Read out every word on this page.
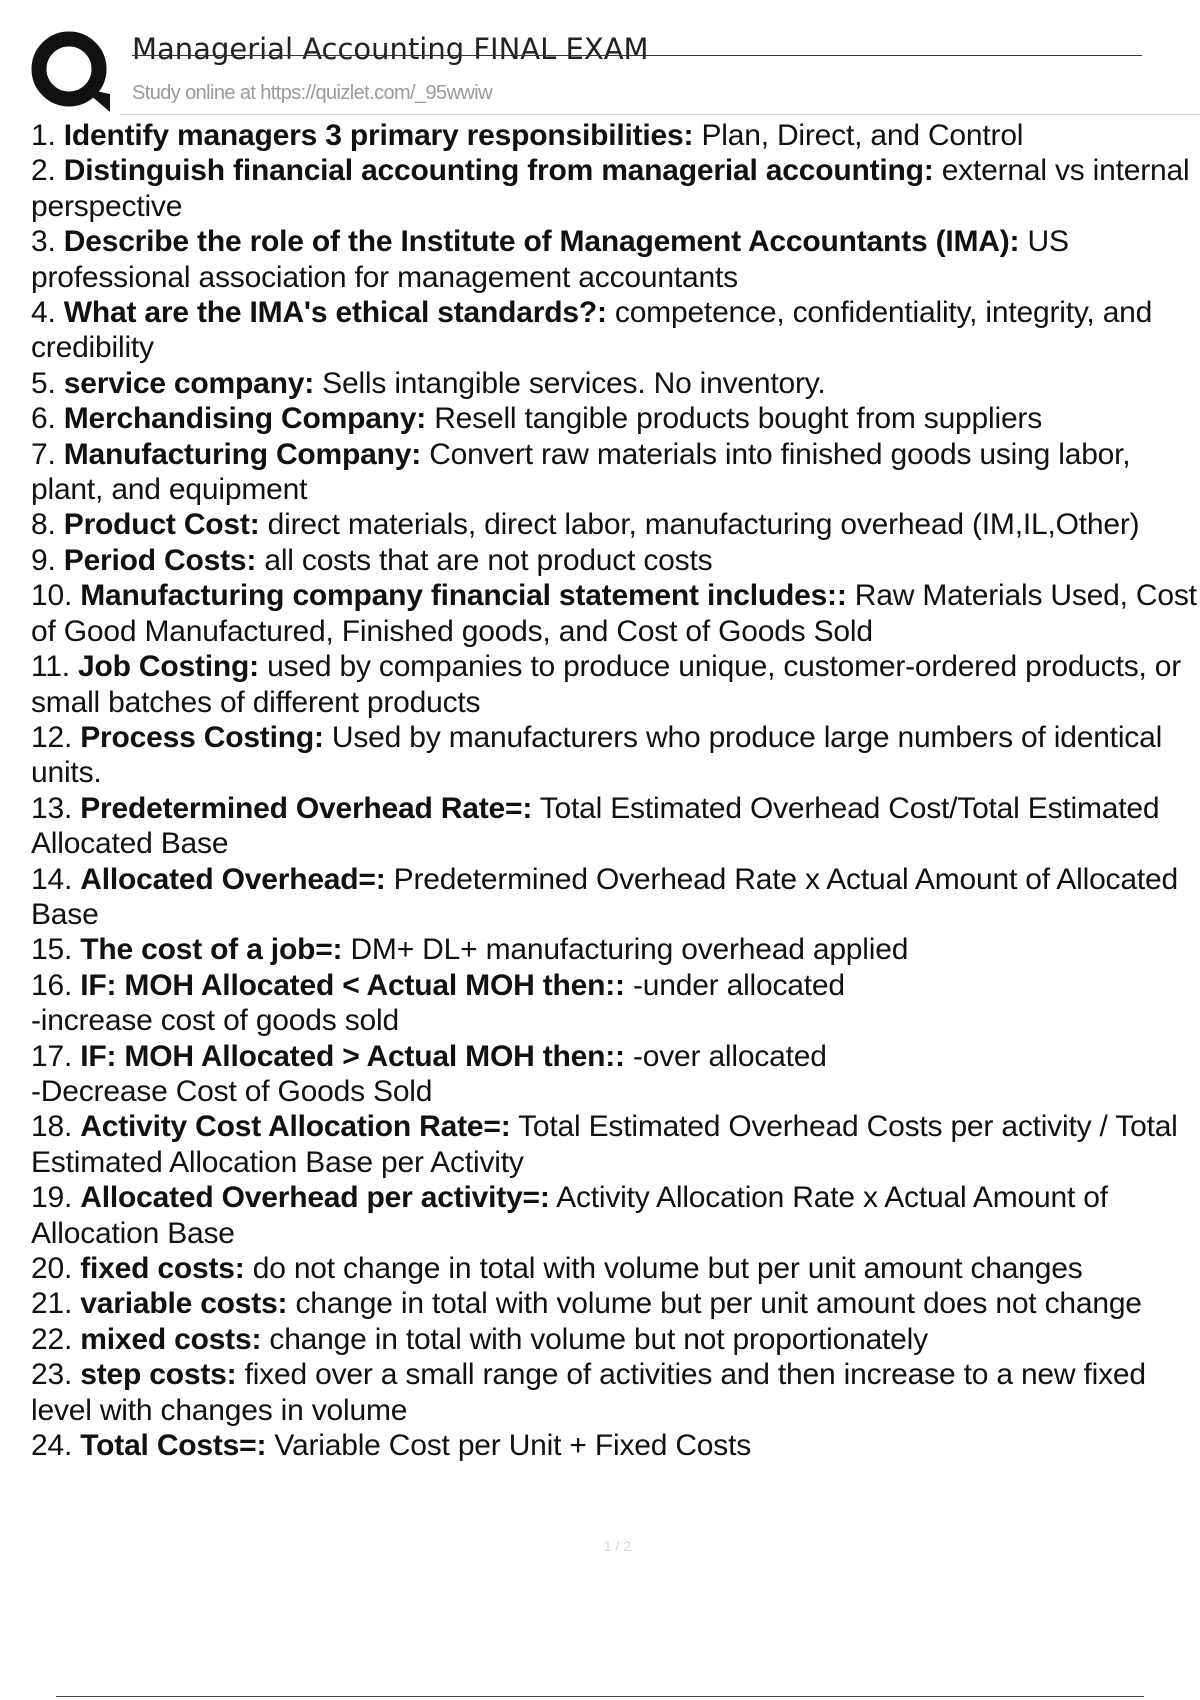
Managerial Accounting FINAL EXAM
Study online at https://quizlet.com/_95wwiw

1. Identify managers 3 primary responsibilities: Plan, Direct, and Control

2. Distinguish financial accounting from managerial accounting: external vs internal perspective

3. Describe the role of the Institute of Management Accountants (IMA): US professional association for management accountants

4. What are the IMA's ethical standards?: competence, confidentiality, integrity, and credibility

5. service company: Sells intangible services. No inventory.

6. Merchandising Company: Resell tangible products bought from suppliers

7. Manufacturing Company: Convert raw materials into finished goods using labor, plant, and equipment

8. Product Cost: direct materials, direct labor, manufacturing overhead (IM,IL,Other)

9. Period Costs: all costs that are not product costs

10. Manufacturing company financial statement includes:: Raw Materials Used, Cost of Good Manufactured, Finished goods, and Cost of Goods Sold

11. Job Costing: used by companies to produce unique, customer-ordered products, or small batches of different products

12. Process Costing: Used by manufacturers who produce large numbers of identical units.

13. Predetermined Overhead Rate=: Total Estimated Overhead Cost/Total Estimated Allocated Base

14. Allocated Overhead=: Predetermined Overhead Rate x Actual Amount of Allocated Base

15. The cost of a job=: DM+ DL+ manufacturing overhead applied

16. IF: MOH Allocated < Actual MOH then:: -under allocated
-increase cost of goods sold

17. IF: MOH Allocated > Actual MOH then:: -over allocated
-Decrease Cost of Goods Sold

18. Activity Cost Allocation Rate=: Total Estimated Overhead Costs per activity / Total Estimated Allocation Base per Activity

19. Allocated Overhead per activity=: Activity Allocation Rate x Actual Amount of Allocation Base

20. fixed costs: do not change in total with volume but per unit amount changes

21. variable costs: change in total with volume but per unit amount does not change

22. mixed costs: change in total with volume but not proportionately

23. step costs: fixed over a small range of activities and then increase to a new fixed level with changes in volume

24. Total Costs=: Variable Cost per Unit + Fixed Costs

1 / 2
